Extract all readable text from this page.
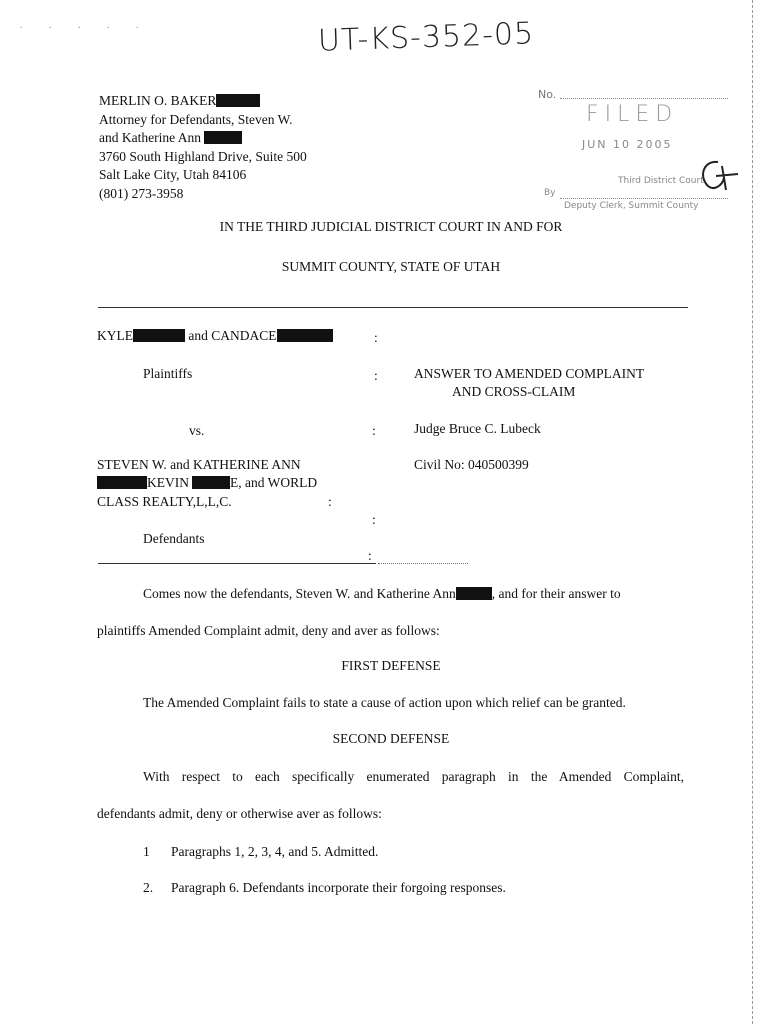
UT-KS-352-05
. . . . .
MERLIN O. BAKER
Attorney for Defendants, Steven W.
and Katherine Ann
3760 South Highland Drive, Suite 500
Salt Lake City, Utah 84106
(801) 273-3958
No.
FILED
JUN 10 2005
Third District Court
By
Deputy Clerk, Summit County
IN THE THIRD JUDICIAL DISTRICT COURT IN AND FOR
SUMMIT COUNTY, STATE OF UTAH
KYLE	and CANDACE
Plaintiffs
vs.
STEVEN W. and KATHERINE ANN
KEVIN	E, and WORLD
CLASS REALTY,L,L,C.
Defendants
:
:
:
:
:
:
ANSWER TO AMENDED COMPLAINT
AND CROSS-CLAIM
Judge Bruce C. Lubeck
Civil No: 040500399
Comes now the defendants, Steven W. and Katherine Ann	, and for their answer to
plaintiffs Amended Complaint admit, deny and aver as follows:
FIRST DEFENSE
The Amended Complaint fails to state a cause of action upon which relief can be granted.
SECOND DEFENSE
With respect to each specifically enumerated paragraph in the Amended Complaint,
defendants admit, deny or otherwise aver as follows:
1 Paragraphs 1, 2, 3, 4, and 5. Admitted.
2. Paragraph 6. Defendants incorporate their forgoing responses.
